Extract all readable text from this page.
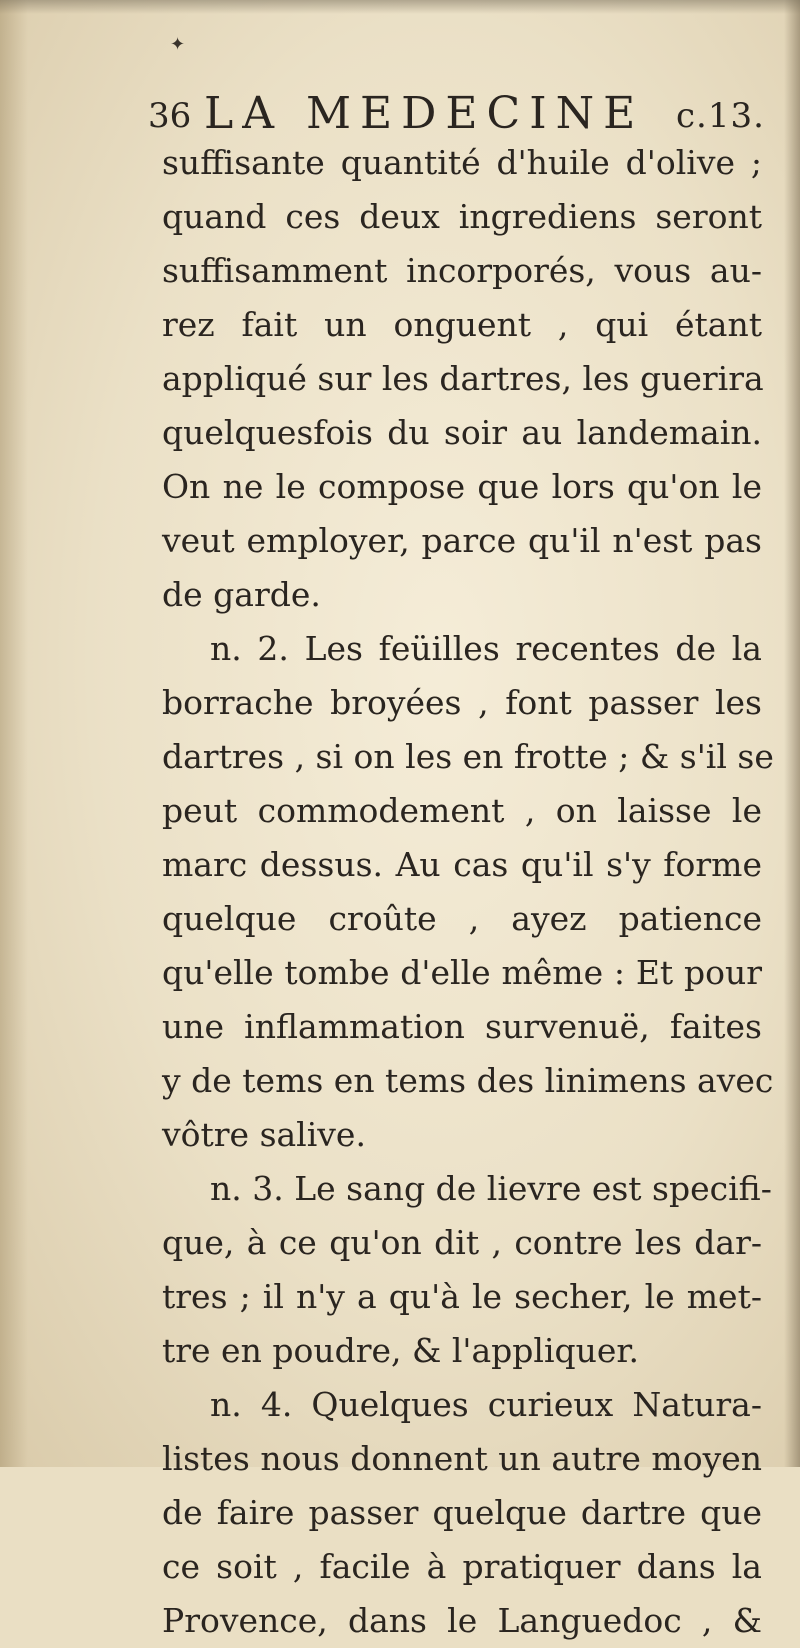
✦
36 LA MEDECINE c.13.
suffisante quantité d'huile d'olive ;
quand ces deux ingrediens seront
suffisamment incorporés, vous au-
rez fait un onguent , qui étant
appliqué sur les dartres, les guerira
quelquesfois du soir au landemain.
On ne le compose que lors qu'on le
veut employer, parce qu'il n'est pas
de garde.
n. 2. Les feüilles recentes de la
borrache broyées , font passer les
dartres , si on les en frotte ; & s'il se
peut commodement , on laisse le
marc dessus. Au cas qu'il s'y forme
quelque croûte , ayez patience
qu'elle tombe d'elle même : Et pour
une inflammation survenuë, faites
y de tems en tems des linimens avec
vôtre salive.
n. 3. Le sang de lievre est specifi-
que, à ce qu'on dit , contre les dar-
tres ; il n'y a qu'à le secher, le met-
tre en poudre, & l'appliquer.
n. 4. Quelques curieux Natura-
listes nous donnent un autre moyen
de faire passer quelque dartre que
ce soit , facile à pratiquer dans la
Provence, dans le Languedoc , &
